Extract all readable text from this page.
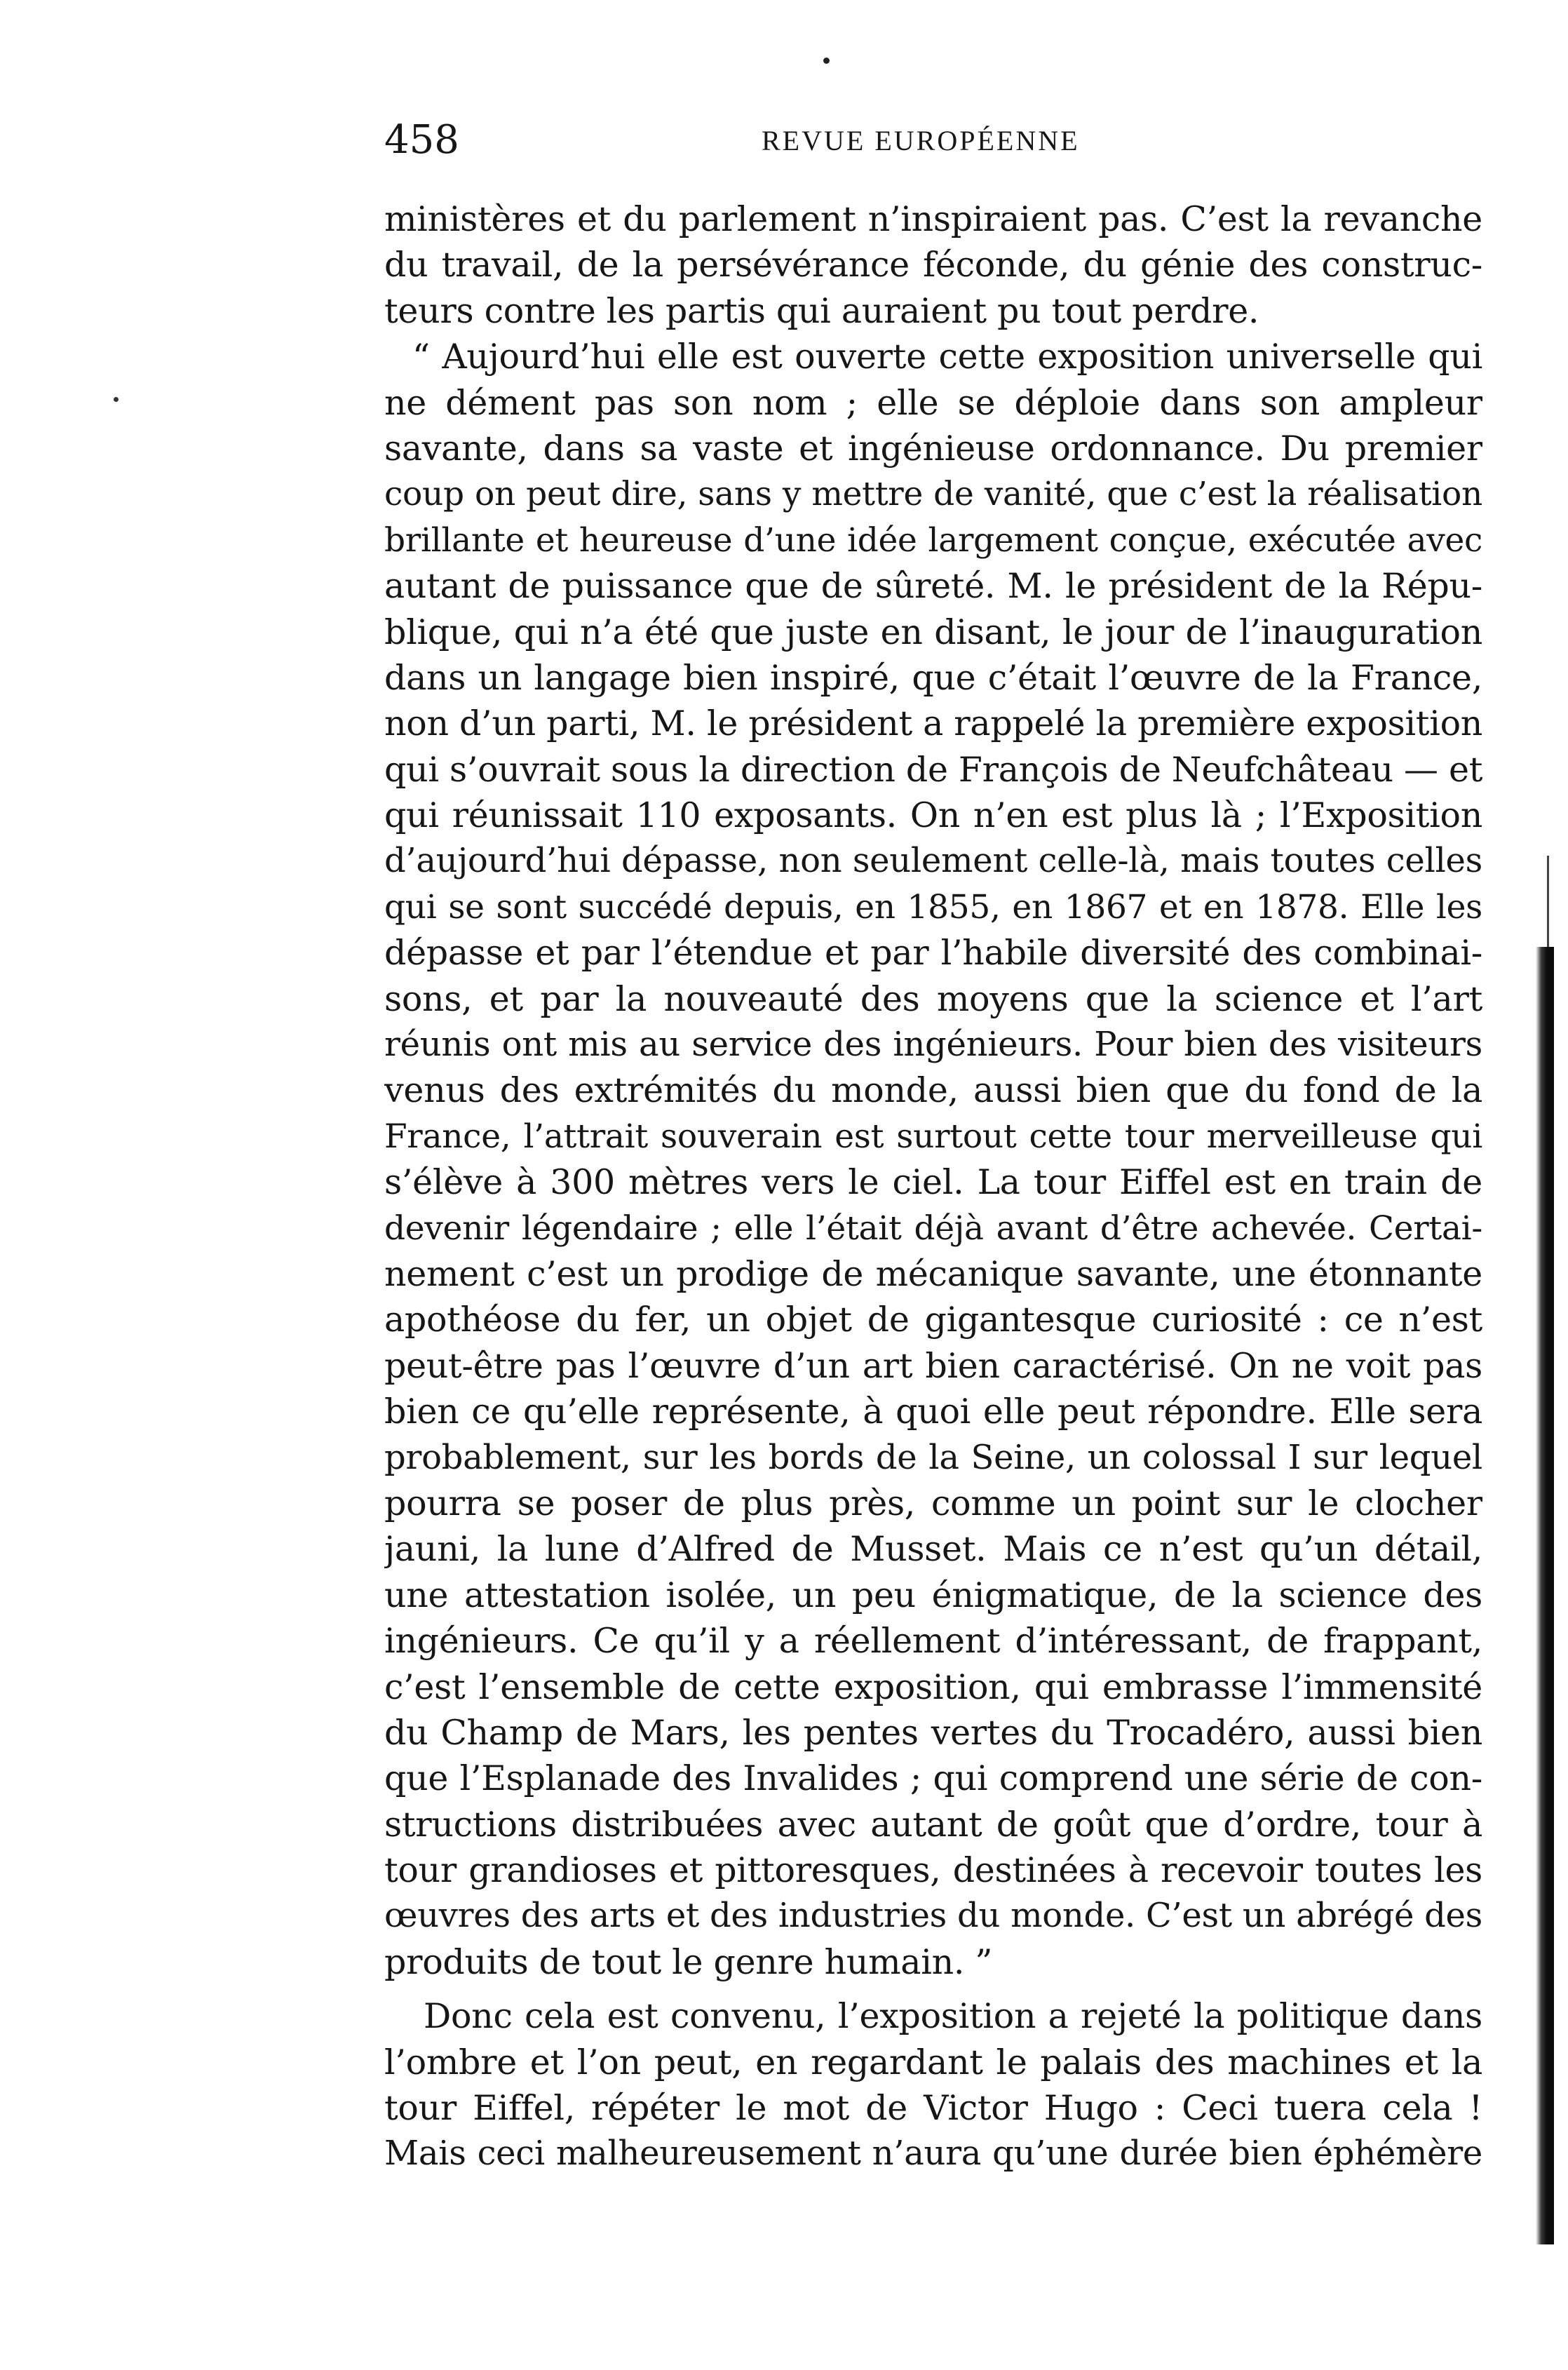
458	REVUE EUROPÉENNE
ministères et du parlement n’inspiraient pas. C’est la revanche
du travail, de la persévérance féconde, du génie des construc-
teurs contre les partis qui auraient pu tout perdre.
“ Aujourd’hui elle est ouverte cette exposition universelle qui
ne dément pas son nom ; elle se déploie dans son ampleur
savante, dans sa vaste et ingénieuse ordonnance. Du premier
coup on peut dire, sans y mettre de vanité, que c’est la réalisation
brillante et heureuse d’une idée largement conçue, exécutée avec
autant de puissance que de sûreté. M. le président de la Répu-
blique, qui n’a été que juste en disant, le jour de l’inauguration
dans un langage bien inspiré, que c’était l’œuvre de la France,
non d’un parti, M. le président a rappelé la première exposition
qui s’ouvrait sous la direction de François de Neufchâteau — et
qui réunissait 110 exposants. On n’en est plus là ; l’Exposition
d’aujourd’hui dépasse, non seulement celle-là, mais toutes celles
qui se sont succédé depuis, en 1855, en 1867 et en 1878. Elle les
dépasse et par l’étendue et par l’habile diversité des combinai-
sons, et par la nouveauté des moyens que la science et l’art
réunis ont mis au service des ingénieurs. Pour bien des visiteurs
venus des extrémités du monde, aussi bien que du fond de la
France, l’attrait souverain est surtout cette tour merveilleuse qui
s’élève à 300 mètres vers le ciel. La tour Eiffel est en train de
devenir légendaire ; elle l’était déjà avant d’être achevée. Certai-
nement c’est un prodige de mécanique savante, une étonnante
apothéose du fer, un objet de gigantesque curiosité : ce n’est
peut-être pas l’œuvre d’un art bien caractérisé. On ne voit pas
bien ce qu’elle représente, à quoi elle peut répondre. Elle sera
probablement, sur les bords de la Seine, un colossal I sur lequel
pourra se poser de plus près, comme un point sur le clocher
jauni, la lune d’Alfred de Musset. Mais ce n’est qu’un détail,
une attestation isolée, un peu énigmatique, de la science des
ingénieurs. Ce qu’il y a réellement d’intéressant, de frappant,
c’est l’ensemble de cette exposition, qui embrasse l’immensité
du Champ de Mars, les pentes vertes du Trocadéro, aussi bien
que l’Esplanade des Invalides ; qui comprend une série de con-
structions distribuées avec autant de goût que d’ordre, tour à
tour grandioses et pittoresques, destinées à recevoir toutes les
œuvres des arts et des industries du monde. C’est un abrégé des
produits de tout le genre humain. ”
Donc cela est convenu, l’exposition a rejeté la politique dans
l’ombre et l’on peut, en regardant le palais des machines et la
tour Eiffel, répéter le mot de Victor Hugo : Ceci tuera cela !
Mais ceci malheureusement n’aura qu’une durée bien éphémère
